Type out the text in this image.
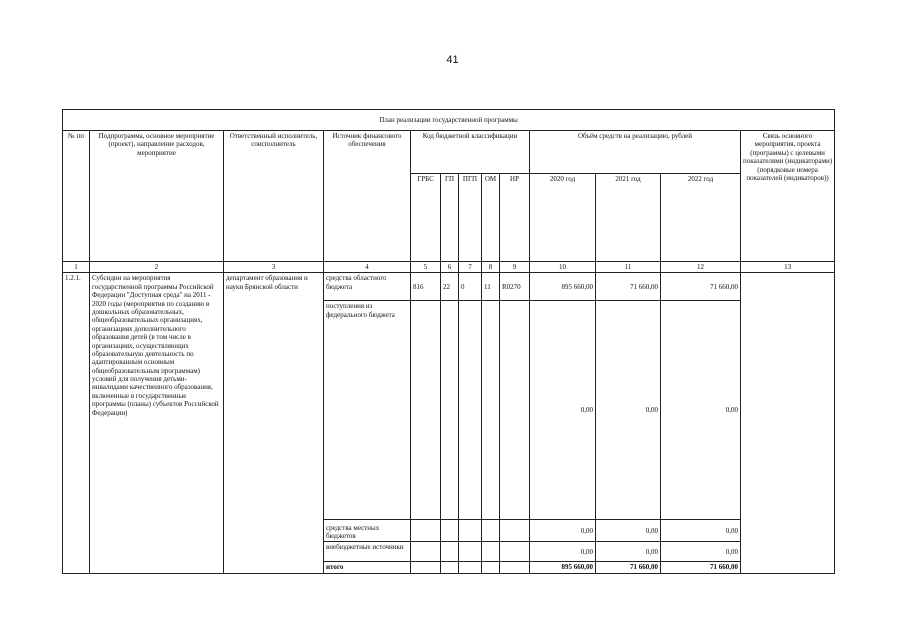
41
План реализации государственной программы												
№ пп	Подпрограмма, основное мероприятие (проект), направление расходов, мероприятие	Ответственный исполнитель, соисполнитель	Источник финансового обеспечения	Код бюджетной классификации					Объём средств на реализацию, рублей			Связь основного мероприятия, проекта (программы) с целевыми показателями (индикаторами) (порядковые номера показателей (индикаторов))
				ГРБС	ГП	ПГП	ОМ	НР	2020 год	2021 год	2022 год	
1	2	3	4	5	6	7	8	9	10	11	12	13
1.2.1.	Субсидии на мероприятия государственной программы Российской Федерации "Доступная среда" на 2011 - 2020 годы (мероприятия по созданию в дошкольных образовательных, общеобразовательных организациях, организациях дополнительного образования детей (в том числе в организациях, осуществляющих образовательную деятельность по адаптированным основным общеобразовательным программам) условий для получения детьми-инвалидами качественного образования, включенные в государственные программы (планы) субъектов Российской Федерации)	департамент образования и науки Брянской области	средства областного бюджета	816	22	0	11	R0270	895 660,00	71 660,00	71 660,00	
			поступления из федерального бюджета						0,00	0,00	0,00	
			средства местных бюджетов						0,00	0,00	0,00	
			внебюджетные источники						0,00	0,00	0,00	
			итого						895 660,00	71 660,00	71 660,00	
